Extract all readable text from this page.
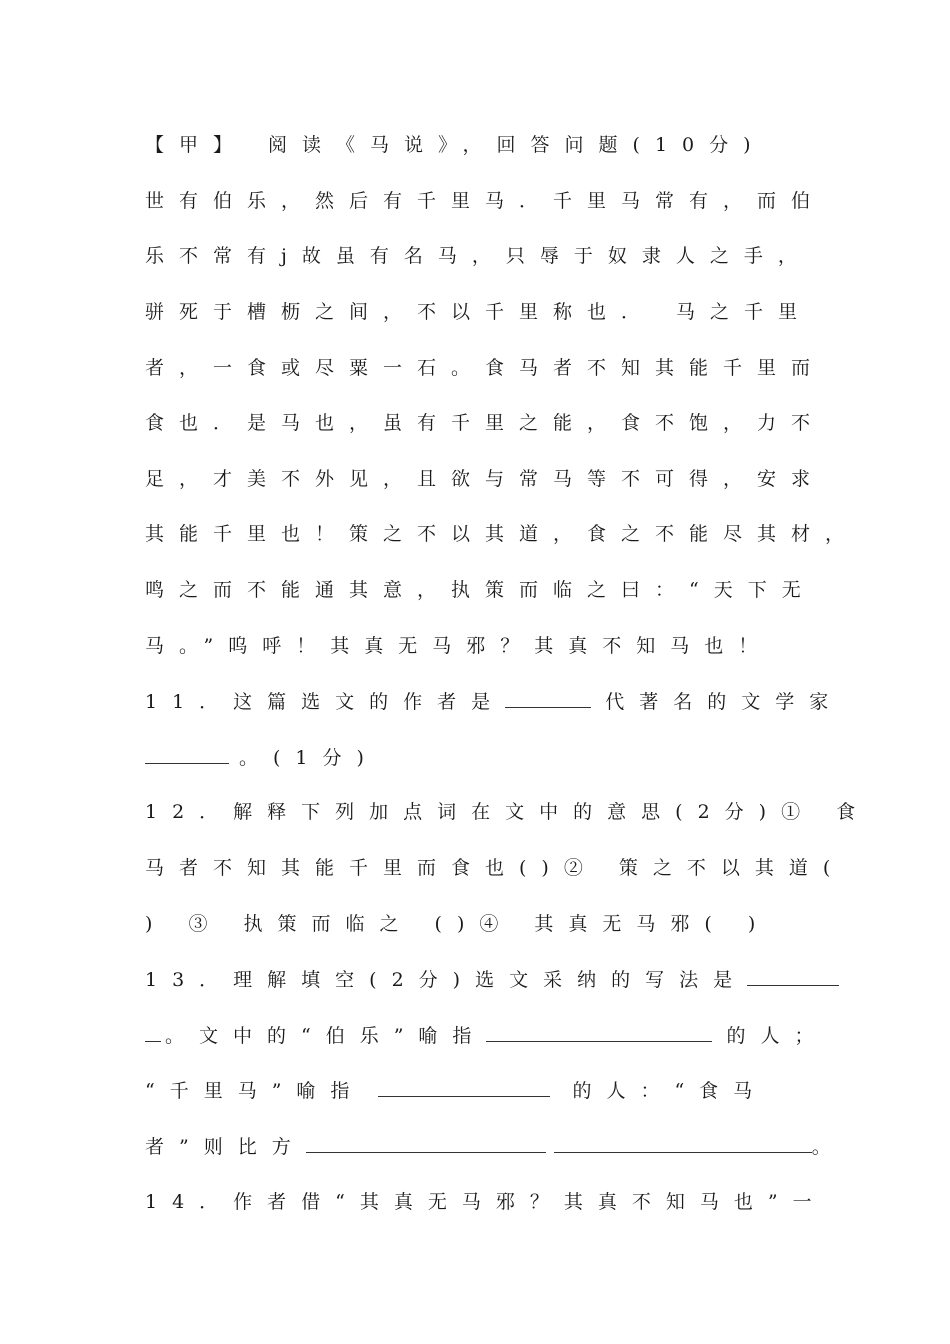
【甲】 阅读《马说》，回答问题(10分)
世有伯乐，然后有千里马．千里马常有，而伯
乐不常有j故虽有名马，只辱于奴隶人之手，
骈死于槽枥之间，不以千里称也． 马之千里
者，一食或尽粟一石。食马者不知其能千里而
食也．是马也，虽有千里之能，食不饱，力不
足，才美不外见，且欲与常马等不可得，安求
其能千里也！策之不以其道，食之不能尽其材，
鸣之而不能通其意，执策而临之曰：“天下无
马。”呜呼！其真无马邪？其真不知马也！
11．这篇选文的作者是	代著名的文学家
。(1分)
12．解释下列加点词在文中的意思(2分)① 食
马者不知其能千里而食也()② 策之不以其道(
) ③ 执策而临之 ()④ 其真无马邪( )
13．理解填空(2分)选文采纳的写法是
。文中的“伯乐”喻指	的人；
“千里马”喻指	的人：“食马
者”则比方	。
14．作者借“其真无马邪？其真不知马也”一
